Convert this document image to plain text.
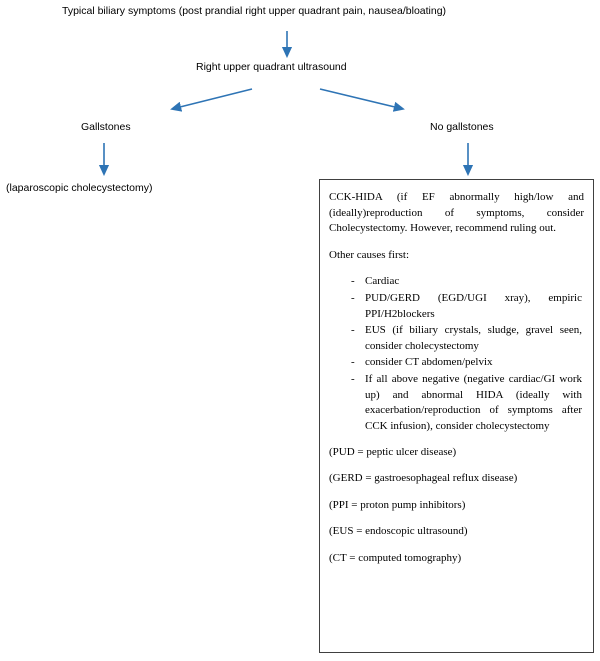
Typical biliary symptoms (post prandial right upper quadrant pain, nausea/bloating)
Right upper quadrant ultrasound
Gallstones	No gallstones
(laparoscopic cholecystectomy)

CCK-HIDA (if EF abnormally high/low and (ideally)reproduction of symptoms, consider Cholecystectomy. However, recommend ruling out.

Other causes first:

- Cardiac
- PUD/GERD (EGD/UGI xray), empiric PPI/H2blockers
- EUS (if biliary crystals, sludge, gravel seen, consider cholecystectomy
- consider CT abdomen/pelvix
- If all above negative (negative cardiac/GI work up) and abnormal HIDA (ideally with exacerbation/reproduction of symptoms after CCK infusion), consider cholecystectomy

(PUD = peptic ulcer disease)

(GERD = gastroesophageal reflux disease)

(PPI = proton pump inhibitors)

(EUS = endoscopic ultrasound)

(CT = computed tomography)
